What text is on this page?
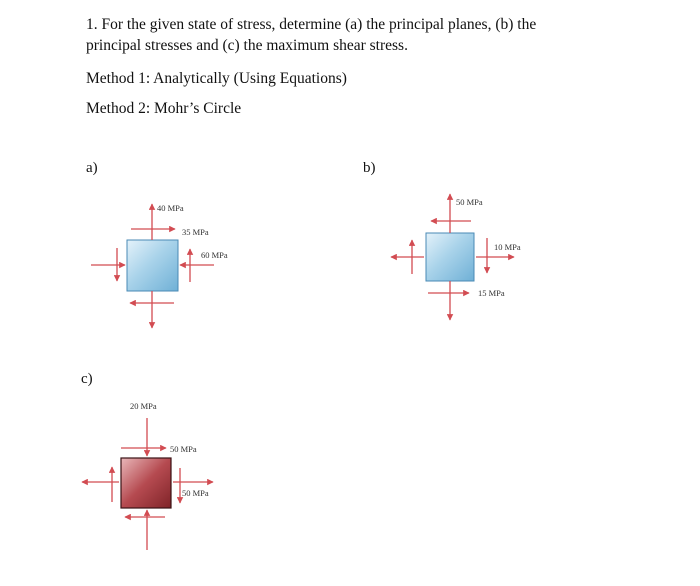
1. For the given state of stress, determine (a) the principal planes, (b) the
principal stresses and (c) the maximum shear stress.
Method 1: Analytically (Using Equations)
Method 2: Mohr’s Circle
a)	b)
c)
40 MPa
35 MPa
60 MPa
50 MPa
10 MPa
15 MPa
20 MPa
50 MPa
50 MPa
